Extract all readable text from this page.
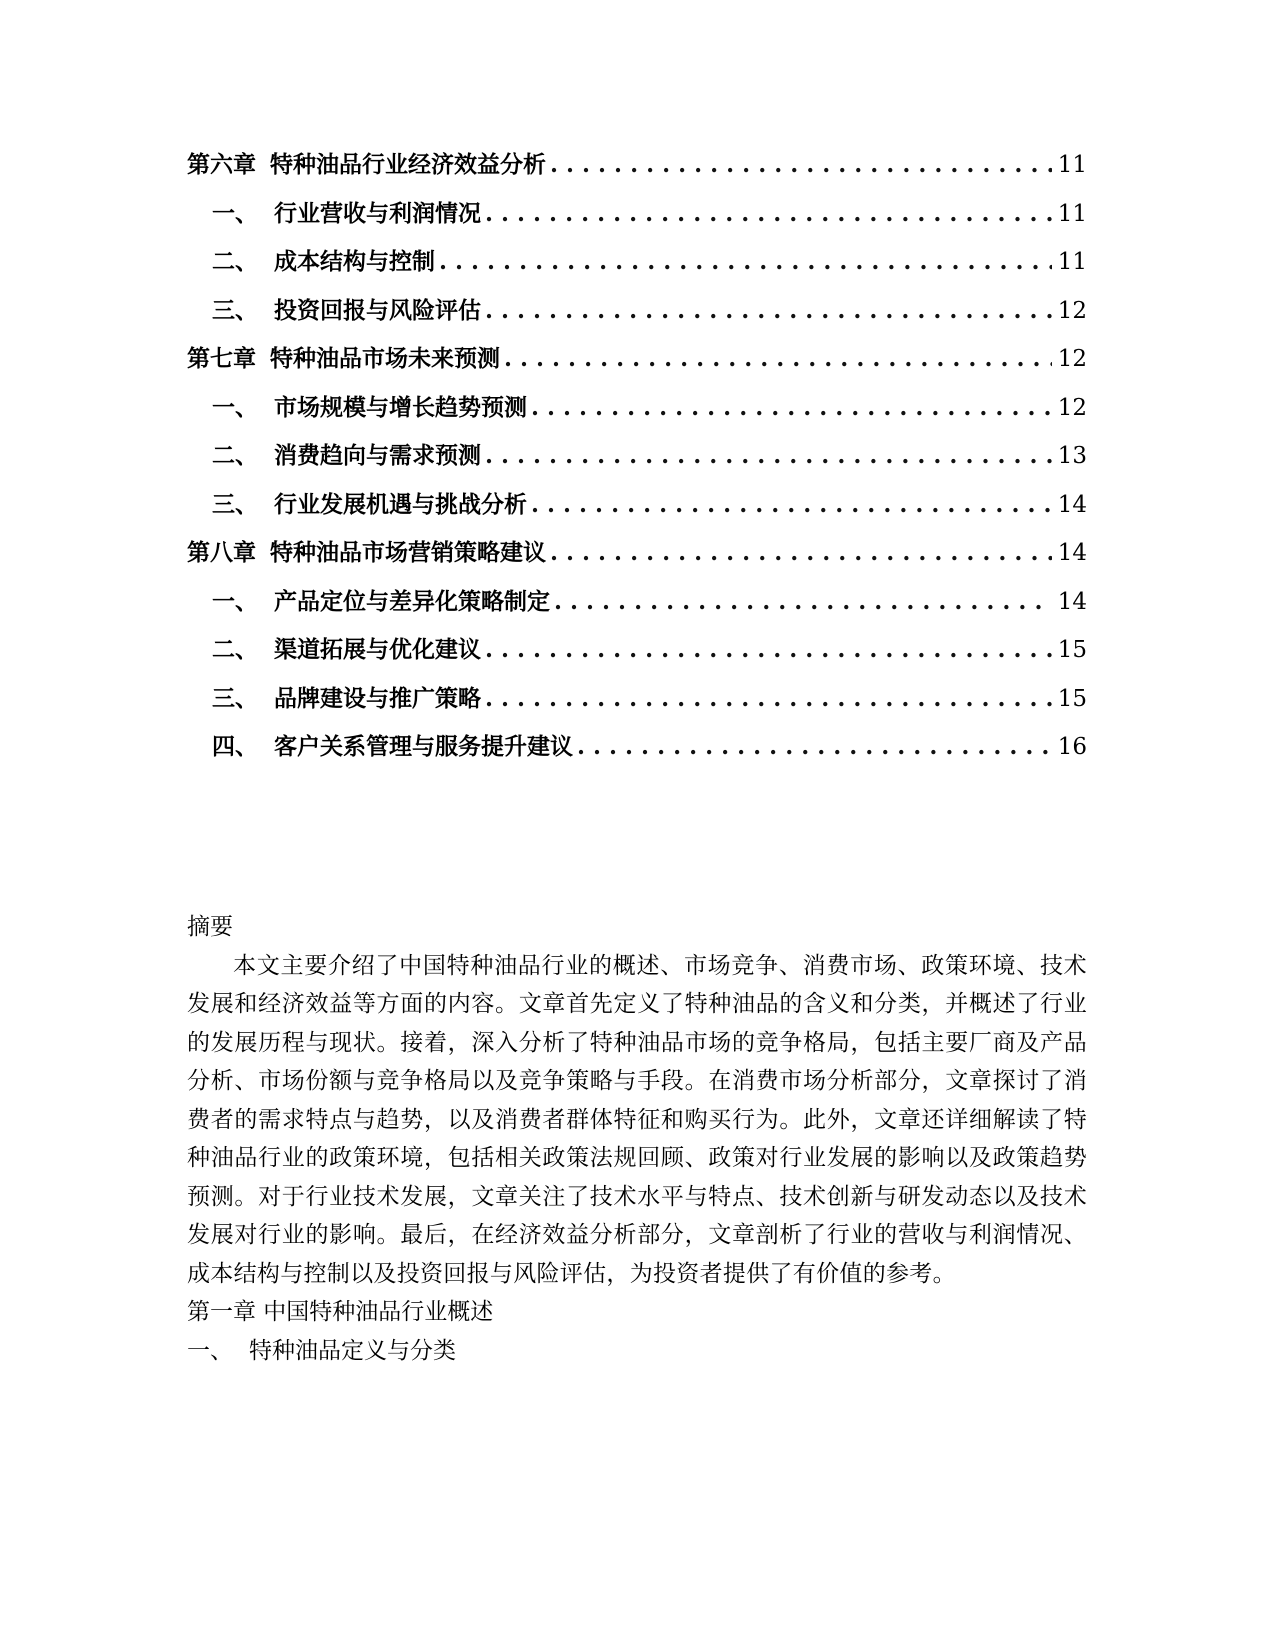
第六章 特种油品行业经济效益分析 . . .	11
一、 行业营收与利润情况 . . .	11
二、 成本结构与控制 . . .	11
三、 投资回报与风险评估 . . .	12
第七章 特种油品市场未来预测 . . .	12
一、 市场规模与增长趋势预测 . . .	12
二、 消费趋向与需求预测 . . .	13
三、 行业发展机遇与挑战分析 . . .	14
第八章 特种油品市场营销策略建议 . . .	14
一、 产品定位与差异化策略制定 . . .	14
二、 渠道拓展与优化建议 . . .	15
三、 品牌建设与推广策略 . . .	15
四、 客户关系管理与服务提升建议 . . .	16

摘要

本文主要介绍了中国特种油品行业的概述、市场竞争、消费市场、政策环境、技术发展和经济效益等方面的内容。文章首先定义了特种油品的含义和分类，并概述了行业的发展历程与现状。接着，深入分析了特种油品市场的竞争格局，包括主要厂商及产品分析、市场份额与竞争格局以及竞争策略与手段。在消费市场分析部分，文章探讨了消费者的需求特点与趋势，以及消费者群体特征和购买行为。此外，文章还详细解读了特种油品行业的政策环境，包括相关政策法规回顾、政策对行业发展的影响以及政策趋势预测。对于行业技术发展，文章关注了技术水平与特点、技术创新与研发动态以及技术发展对行业的影响。最后，在经济效益分析部分，文章剖析了行业的营收与利润情况、成本结构与控制以及投资回报与风险评估，为投资者提供了有价值的参考。

第一章 中国特种油品行业概述

一、 特种油品定义与分类
